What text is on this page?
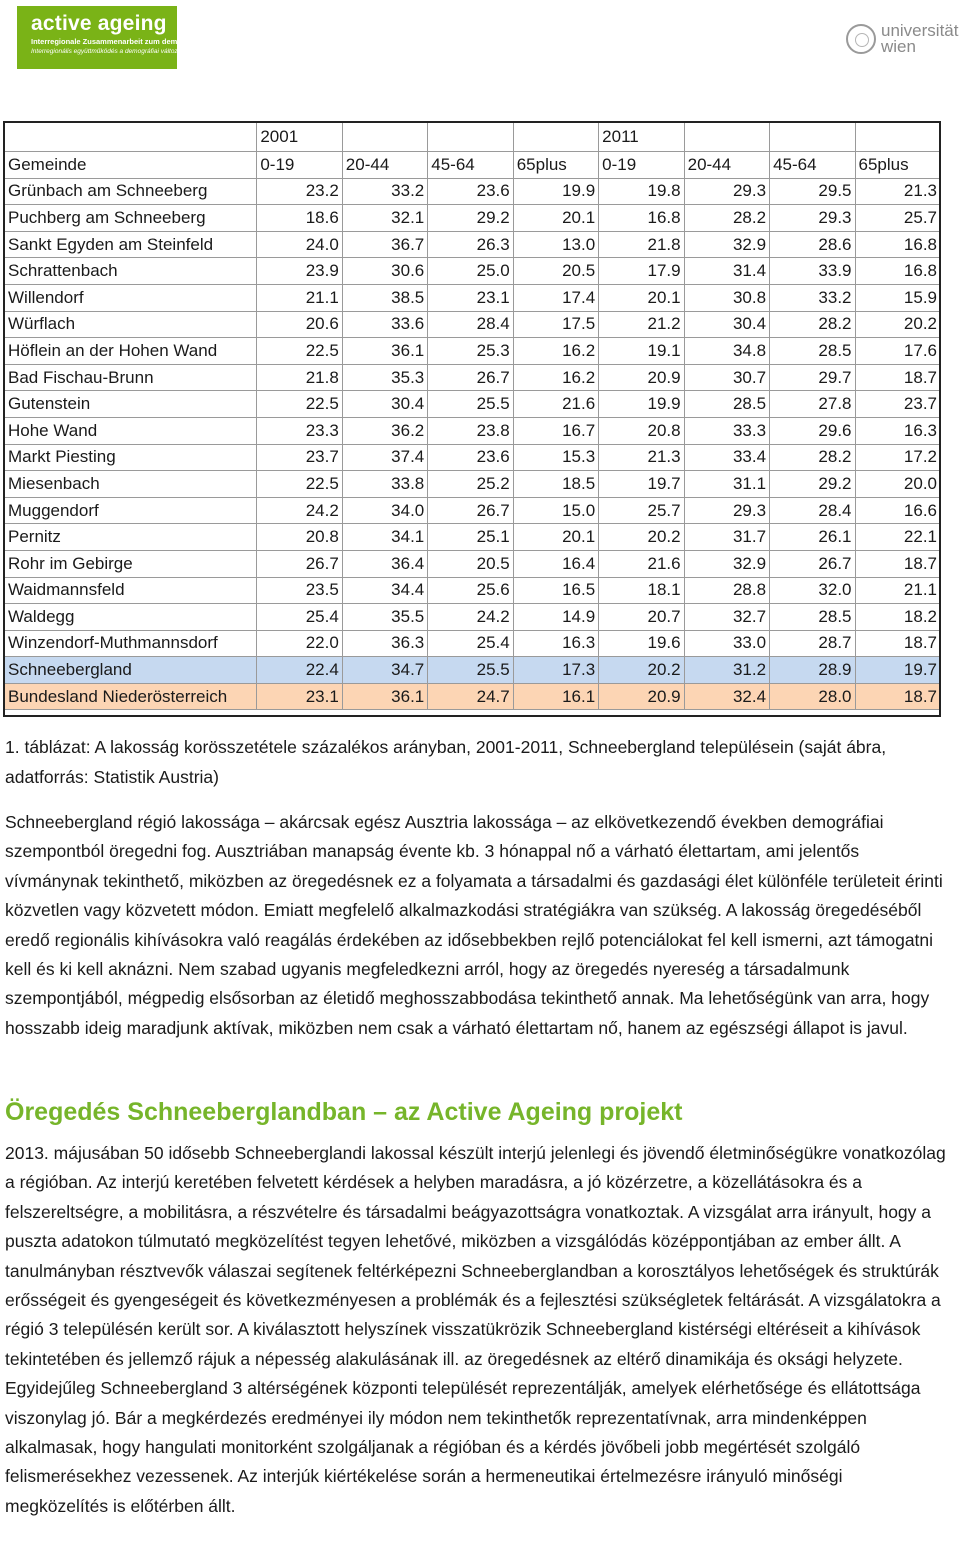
active ageing
Interregionale Zusammenarbeit zum demografischen Wandel
Interregionális együttműködés a demográfiai változások jegyében
universität
wien
	2001				2011			
Gemeinde	0-19	20-44	45-64	65plus	0-19	20-44	45-64	65plus
Grünbach am Schneeberg	23.2	33.2	23.6	19.9	19.8	29.3	29.5	21.3
Puchberg am Schneeberg	18.6	32.1	29.2	20.1	16.8	28.2	29.3	25.7
Sankt Egyden am Steinfeld	24.0	36.7	26.3	13.0	21.8	32.9	28.6	16.8
Schrattenbach	23.9	30.6	25.0	20.5	17.9	31.4	33.9	16.8
Willendorf	21.1	38.5	23.1	17.4	20.1	30.8	33.2	15.9
Würflach	20.6	33.6	28.4	17.5	21.2	30.4	28.2	20.2
Höflein an der Hohen Wand	22.5	36.1	25.3	16.2	19.1	34.8	28.5	17.6
Bad Fischau-Brunn	21.8	35.3	26.7	16.2	20.9	30.7	29.7	18.7
Gutenstein	22.5	30.4	25.5	21.6	19.9	28.5	27.8	23.7
Hohe Wand	23.3	36.2	23.8	16.7	20.8	33.3	29.6	16.3
Markt Piesting	23.7	37.4	23.6	15.3	21.3	33.4	28.2	17.2
Miesenbach	22.5	33.8	25.2	18.5	19.7	31.1	29.2	20.0
Muggendorf	24.2	34.0	26.7	15.0	25.7	29.3	28.4	16.6
Pernitz	20.8	34.1	25.1	20.1	20.2	31.7	26.1	22.1
Rohr im Gebirge	26.7	36.4	20.5	16.4	21.6	32.9	26.7	18.7
Waidmannsfeld	23.5	34.4	25.6	16.5	18.1	28.8	32.0	21.1
Waldegg	25.4	35.5	24.2	14.9	20.7	32.7	28.5	18.2
Winzendorf-Muthmannsdorf	22.0	36.3	25.4	16.3	19.6	33.0	28.7	18.7
Schneebergland	22.4	34.7	25.5	17.3	20.2	31.2	28.9	19.7
Bundesland Niederösterreich	23.1	36.1	24.7	16.1	20.9	32.4	28.0	18.7

1. táblázat: A lakosság korösszetétele százalékos arányban, 2001-2011, Schneebergland településein (saját ábra, adatforrás: Statistik Austria)

Schneebergland régió lakossága – akárcsak egész Ausztria lakossága – az elkövetkezendő években demográfiai szempontból öregedni fog. Ausztriában manapság évente kb. 3 hónappal nő a várható élettartam, ami jelentős vívmánynak tekinthető, miközben az öregedésnek ez a folyamata a társadalmi és gazdasági élet különféle területeit érinti közvetlen vagy közvetett módon. Emiatt megfelelő alkalmazkodási stratégiákra van szükség. A lakosság öregedéséből eredő regionális kihívásokra való reagálás érdekében az idősebbekben rejlő potenciálokat fel kell ismerni, azt támogatni kell és ki kell aknázni. Nem szabad ugyanis megfeledkezni arról, hogy az öregedés nyereség a társadalmunk szempontjából, mégpedig elsősorban az életidő meghosszabbodása tekinthető annak. Ma lehetőségünk van arra, hogy hosszabb ideig maradjunk aktívak, miközben nem csak a várható élettartam nő, hanem az egészségi állapot is javul.

Öregedés Schneeberglandban – az Active Ageing projekt

2013. májusában 50 idősebb Schneeberglandi lakossal készült interjú jelenlegi és jövendő életminőségükre vonatkozólag a régióban. Az interjú keretében felvetett kérdések a helyben maradásra, a jó közérzetre, a közellátásokra és a felszereltségre, a mobilitásra, a részvételre és társadalmi beágyazottságra vonatkoztak. A vizsgálat arra irányult, hogy a puszta adatokon túlmutató megközelítést tegyen lehetővé, miközben a vizsgálódás középpontjában az ember állt. A tanulmányban résztvevők válaszai segítenek feltérképezni Schneeberglandban a korosztályos lehetőségek és struktúrák erősségeit és gyengeségeit és következményesen a problémák és a fejlesztési szükségletek feltárását. A vizsgálatokra a régió 3 településén került sor. A kiválasztott helyszínek visszatükrözik Schneebergland kistérségi eltéréseit a kihívások tekintetében és jellemző rájuk a népesség alakulásának ill. az öregedésnek az eltérő dinamikája és oksági helyzete. Egyidejűleg Schneebergland 3 altérségének központi települését reprezentálják, amelyek elérhetősége és ellátottsága viszonylag jó. Bár a megkérdezés eredményei ily módon nem tekinthetők reprezentatívnak, arra mindenképpen alkalmasak, hogy hangulati monitorként szolgáljanak a régióban és a kérdés jövőbeli jobb megértését szolgáló felismerésekhez vezessenek. Az interjúk kiértékelése során a hermeneutikai értelmezésre irányuló minőségi megközelítés is előtérben állt.
